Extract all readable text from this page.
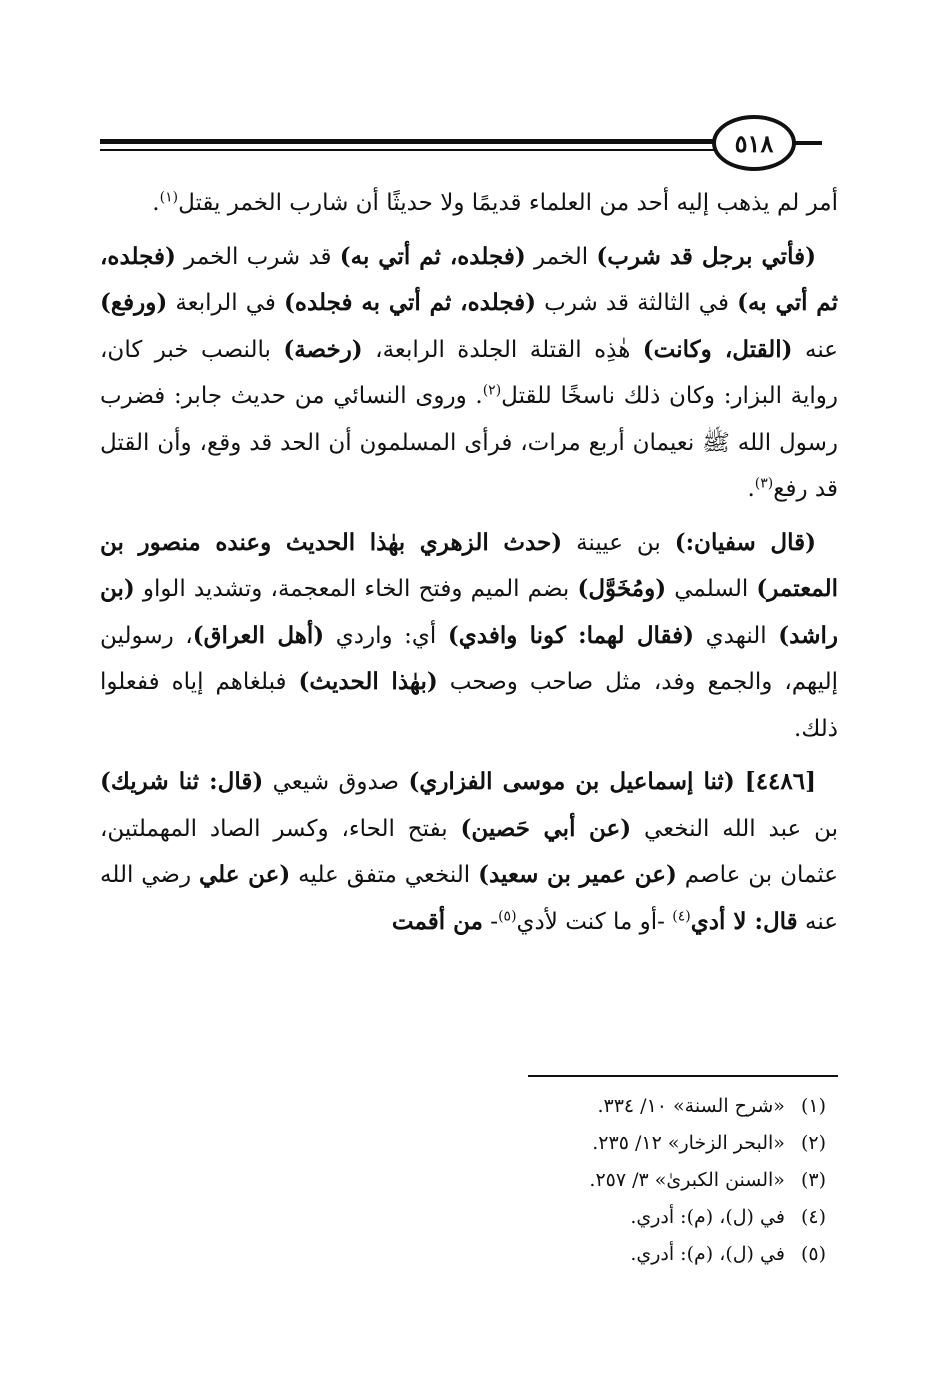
٥١٨

أمر لم يذهب إليه أحد من العلماء قديمًا ولا حديثًا أن شارب الخمر يقتل$^{(١)}$.

(فأتي برجل قد شرب) الخمر (فجلده، ثم أتي به) قد شرب الخمر (فجلده، ثم أتي به) في الثالثة قد شرب (فجلده، ثم أتي به فجلده) في الرابعة (ورفع) عنه (القتل، وكانت) هٰذِه القتلة الجلدة الرابعة، (رخصة) بالنصب خبر كان، رواية البزار: وكان ذلك ناسخًا للقتل$^{(٢)}$. وروى النسائي من حديث جابر: فضرب رسول الله ﷺ نعيمان أربع مرات، فرأى المسلمون أن الحد قد وقع، وأن القتل قد رفع$^{(٣)}$.

(قال سفيان:) بن عيينة (حدث الزهري بهٰذا الحديث وعنده منصور بن المعتمر) السلمي (ومُخَوَّل) بضم الميم وفتح الخاء المعجمة، وتشديد الواو (بن راشد) النهدي (فقال لهما: كونا وافدي) أي: واردي (أهل العراق)، رسولين إليهم، والجمع وفد، مثل صاحب وصحب (بهٰذا الحديث) فبلغاهم إياه ففعلوا ذلك.

[٤٤٨٦] (ثنا إسماعيل بن موسى الفزاري) صدوق شيعي (قال: ثنا شريك) بن عبد الله النخعي (عن أبي حَصين) بفتح الحاء، وكسر الصاد المهملتين، عثمان بن عاصم (عن عمير بن سعيد) النخعي متفق عليه (عن علي رضي الله عنه قال: لا أدي$^{(٤)}$ -أو ما كنت لأدي$^{(٥)}$- من أقمت

(١)«شرح السنة» ١٠/ ٣٣٤.
(٢)«البحر الزخار» ١٢/ ٢٣٥.
(٣)«السنن الكبرىٰ» ٣/ ٢٥٧.
(٤)في (ل)، (م): أدري.
(٥)في (ل)، (م): أدري.
